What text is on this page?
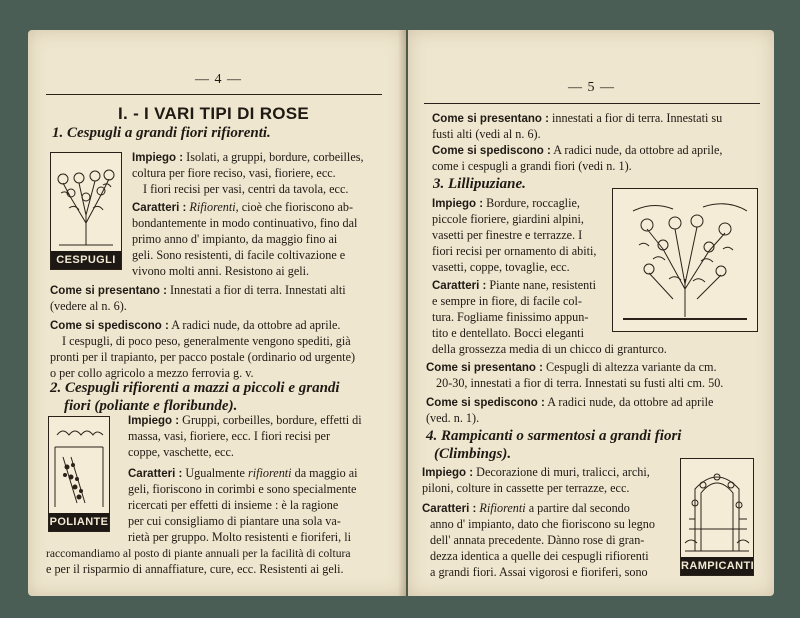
— 4 —
I. - I VARI TIPI DI ROSE
1. Cespugli a grandi fiori rifiorenti.
CESPUGLI
Impiego : Isolati, a gruppi, bordure, corbeilles,
coltura per fiore reciso, vasi, fioriere, ecc.
I fiori recisi per vasi, centri da tavola, ecc.
Caratteri : Rifiorenti, cioè che fioriscono ab-
bondantemente in modo continuativo, fino dal
primo anno d' impianto, da maggio fino ai
geli. Sono resistenti, di facile coltivazione e
vivono molti anni. Resistono ai geli.
Come si presentano : Innestati a fior di terra. Innestati alti
(vedere al n. 6).
Come si spediscono : A radici nude, da ottobre ad aprile.
I cespugli, di poco peso, generalmente vengono spediti, già
pronti per il trapianto, per pacco postale (ordinario od urgente)
o per collo agricolo a mezzo ferrovia g. v.
2. Cespugli rifiorenti a mazzi a piccoli e grandi
fiori (poliante e floribunde).
POLIANTE
Impiego : Gruppi, corbeilles, bordure, effetti di
massa, vasi, fioriere, ecc. I fiori recisi per
coppe, vaschette, ecc.
Caratteri : Ugualmente rifiorenti da maggio ai
geli, fioriscono in corimbi e sono specialmente
ricercati per effetti di insieme : è la ragione
per cui consigliamo di piantare una sola va-
rietà per gruppo. Molto resistenti e fioriferi, li
raccomandiamo al posto di piante annuali per la facilità di coltura
e per il risparmio di annaffiature, cure, ecc. Resistenti ai geli.
— 5 —
Come si presentano : innestati a fior di terra. Innestati su
fusti alti (vedi al n. 6).
Come si spediscono : A radici nude, da ottobre ad aprile,
come i cespugli a grandi fiori (vedi n. 1).
3. Lillipuziane.
Impiego : Bordure, roccaglie,
piccole fioriere, giardini alpini,
vasetti per finestre e terrazze. I
fiori recisi per ornamento di abiti,
vasetti, coppe, tovaglie, ecc.
Caratteri : Piante nane, resistenti
e sempre in fiore, di facile col-
tura. Fogliame finissimo appun-
tito e dentellato. Bocci eleganti
della grossezza media di un chicco di granturco.
Come si presentano : Cespugli di altezza variante da cm.
20-30, innestati a fior di terra. Innestati su fusti alti cm. 50.
Come si spediscono : A radici nude, da ottobre ad aprile
(ved. n. 1).
4. Rampicanti o sarmentosi a grandi fiori
(Climbings).
RAMPICANTI
Impiego : Decorazione di muri, tralicci, archi,
piloni, colture in cassette per terrazze, ecc.
Caratteri : Rifiorenti a partire dal secondo
anno d' impianto, dato che fioriscono su legno
dell' annata precedente. Dànno rose di gran-
dezza identica a quelle dei cespugli rifiorenti
a grandi fiori. Assai vigorosi e fioriferi, sono
